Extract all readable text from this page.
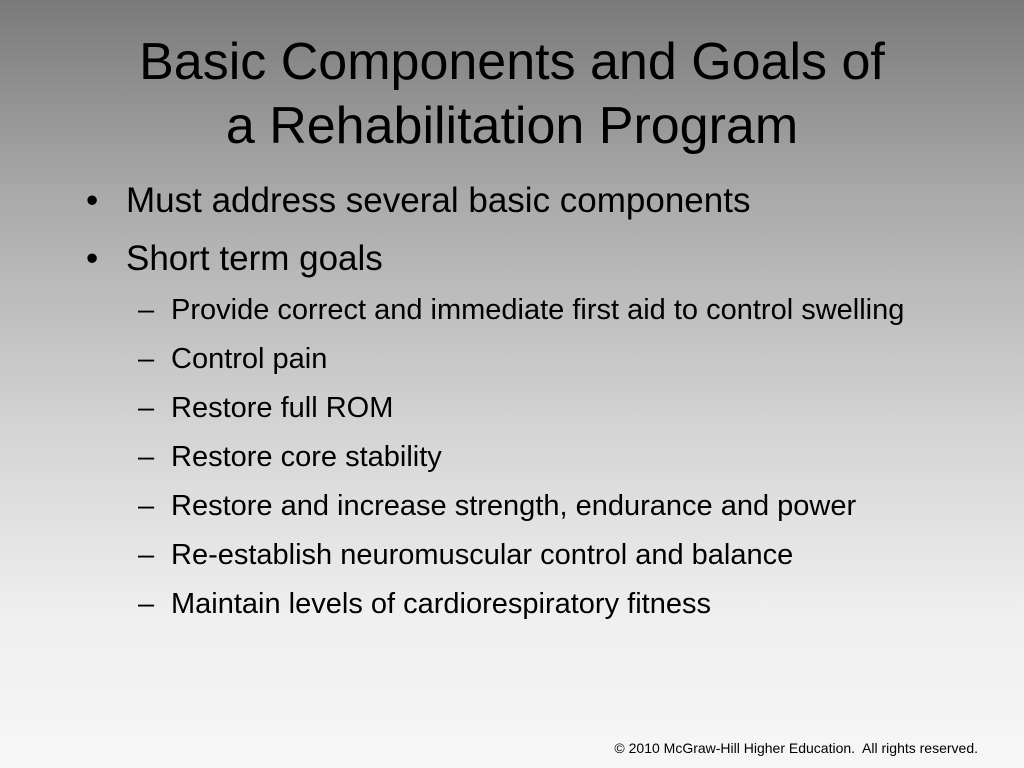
Basic Components and Goals of
a Rehabilitation Program
• Must address several basic components
• Short term goals
– Provide correct and immediate first aid to control swelling
– Control pain
– Restore full ROM
– Restore core stability
– Restore and increase strength, endurance and power
– Re-establish neuromuscular control and balance
– Maintain levels of cardiorespiratory fitness
© 2010 McGraw-Hill Higher Education.  All rights reserved.
